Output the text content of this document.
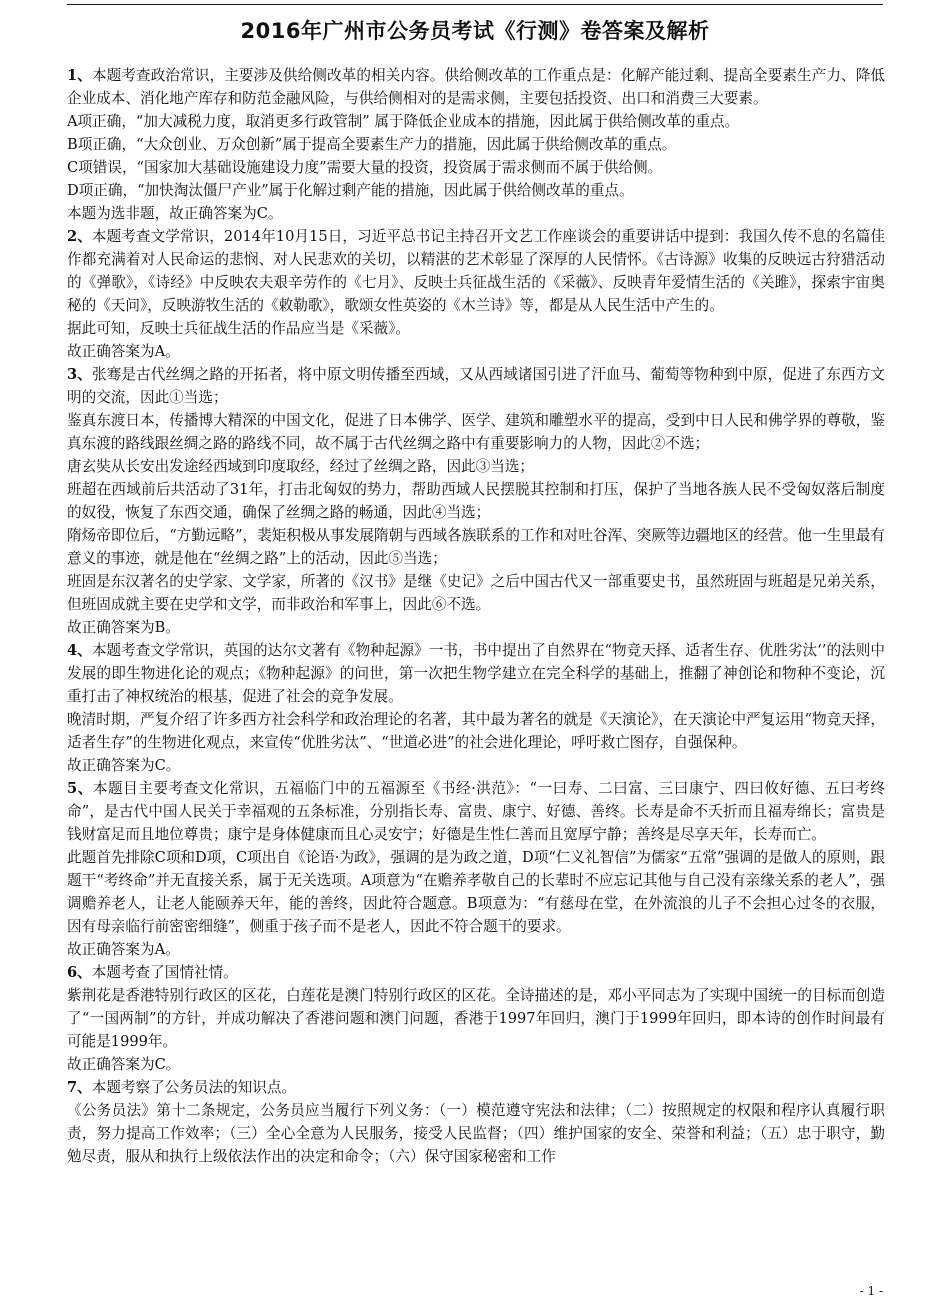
2016年广州市公务员考试《行测》卷答案及解析

1、本题考查政治常识，主要涉及供给侧改革的相关内容。供给侧改革的工作重点是：化解产能过剩、提高全要素生产力、降低企业成本、消化地产库存和防范金融风险，与供给侧相对的是需求侧，主要包括投资、出口和消费三大要素。

A项正确，“加大减税力度，取消更多行政管制” 属于降低企业成本的措施，因此属于供给侧改革的重点。

B项正确，“大众创业、万众创新”属于提高全要素生产力的措施，因此属于供给侧改革的重点。

C项错误，“国家加大基础设施建设力度”需要大量的投资，投资属于需求侧而不属于供给侧。

D项正确，“加快淘汰僵尸产业”属于化解过剩产能的措施，因此属于供给侧改革的重点。

本题为选非题，故正确答案为C。

2、本题考查文学常识，2014年10月15日，习近平总书记主持召开文艺工作座谈会的重要讲话中提到：我国久传不息的名篇佳作都充满着对人民命运的悲悯、对人民悲欢的关切，以精湛的艺术彰显了深厚的人民情怀。《古诗源》收集的反映远古狩猎活动的《弹歌》，《诗经》中反映农夫艰辛劳作的《七月》、反映士兵征战生活的《采薇》、反映青年爱情生活的《关雎》，探索宇宙奥秘的《天问》，反映游牧生活的《敕勒歌》，歌颂女性英姿的《木兰诗》等，都是从人民生活中产生的。

据此可知，反映士兵征战生活的作品应当是《采薇》。

故正确答案为A。

3、张骞是古代丝绸之路的开拓者，将中原文明传播至西域，又从西域诸国引进了汗血马、葡萄等物种到中原，促进了东西方文明的交流，因此①当选；

鉴真东渡日本，传播博大精深的中国文化，促进了日本佛学、医学、建筑和雕塑水平的提高，受到中日人民和佛学界的尊敬，鉴真东渡的路线跟丝绸之路的路线不同，故不属于古代丝绸之路中有重要影响力的人物，因此②不选；

唐玄奘从长安出发途经西域到印度取经，经过了丝绸之路，因此③当选；

班超在西域前后共活动了31年，打击北匈奴的势力，帮助西域人民摆脱其控制和打压，保护了当地各族人民不受匈奴落后制度的奴役，恢复了东西交通，确保了丝绸之路的畅通，因此④当选；

隋炀帝即位后，“方勤远略”，裴矩积极从事发展隋朝与西域各族联系的工作和对吐谷浑、突厥等边疆地区的经营。他一生里最有意义的事迹，就是他在“丝绸之路”上的活动，因此⑤当选；

班固是东汉著名的史学家、文学家，所著的《汉书》是继《史记》之后中国古代又一部重要史书，虽然班固与班超是兄弟关系，但班固成就主要在史学和文学，而非政治和军事上，因此⑥不选。

故正确答案为B。

4、本题考查文学常识，英国的达尔文著有《物种起源》一书，书中提出了自然界在“物竞天择、适者生存、优胜劣汰‘’的法则中发展的即生物进化论的观点；《物种起源》的问世，第一次把生物学建立在完全科学的基础上，推翻了神创论和物种不变论，沉重打击了神权统治的根基，促进了社会的竞争发展。

晚清时期，严复介绍了许多西方社会科学和政治理论的名著，其中最为著名的就是《天演论》，在天演论中严复运用“物竞天择，适者生存”的生物进化观点，来宣传“优胜劣汰”、“世道必进”的社会进化理论，呼吁救亡图存，自强保种。

故正确答案为C。

5、本题目主要考查文化常识，五福临门中的五福源至《书经·洪范》：“一曰寿、二曰富、三曰康宁、四曰攸好德、五曰考终命”，是古代中国人民关于幸福观的五条标准，分别指长寿、富贵、康宁、好德、善终。长寿是命不夭折而且福寿绵长；富贵是钱财富足而且地位尊贵；康宁是身体健康而且心灵安宁；好德是生性仁善而且宽厚宁静；善终是尽享天年，长寿而亡。

此题首先排除C项和D项，C项出自《论语·为政》，强调的是为政之道，D项“仁义礼智信”为儒家“五常”强调的是做人的原则，跟题干“考终命”并无直接关系，属于无关选项。A项意为“在赡养孝敬自己的长辈时不应忘记其他与自己没有亲缘关系的老人”，强调赡养老人，让老人能颐养天年，能的善终，因此符合题意。B项意为：“有慈母在堂，在外流浪的儿子不会担心过冬的衣服，因有母亲临行前密密细缝”，侧重于孩子而不是老人，因此不符合题干的要求。

故正确答案为A。

6、本题考查了国情社情。

紫荆花是香港特别行政区的区花，白莲花是澳门特别行政区的区花。全诗描述的是，邓小平同志为了实现中国统一的目标而创造了“一国两制”的方针，并成功解决了香港问题和澳门问题，香港于1997年回归，澳门于1999年回归，即本诗的创作时间最有可能是1999年。

故正确答案为C。

7、本题考察了公务员法的知识点。

《公务员法》第十二条规定，公务员应当履行下列义务：（一）模范遵守宪法和法律；（二）按照规定的权限和程序认真履行职责，努力提高工作效率；（三）全心全意为人民服务，接受人民监督；（四）维护国家的安全、荣誉和利益；（五）忠于职守，勤勉尽责，服从和执行上级依法作出的决定和命令；（六）保守国家秘密和工作

- 1 -
